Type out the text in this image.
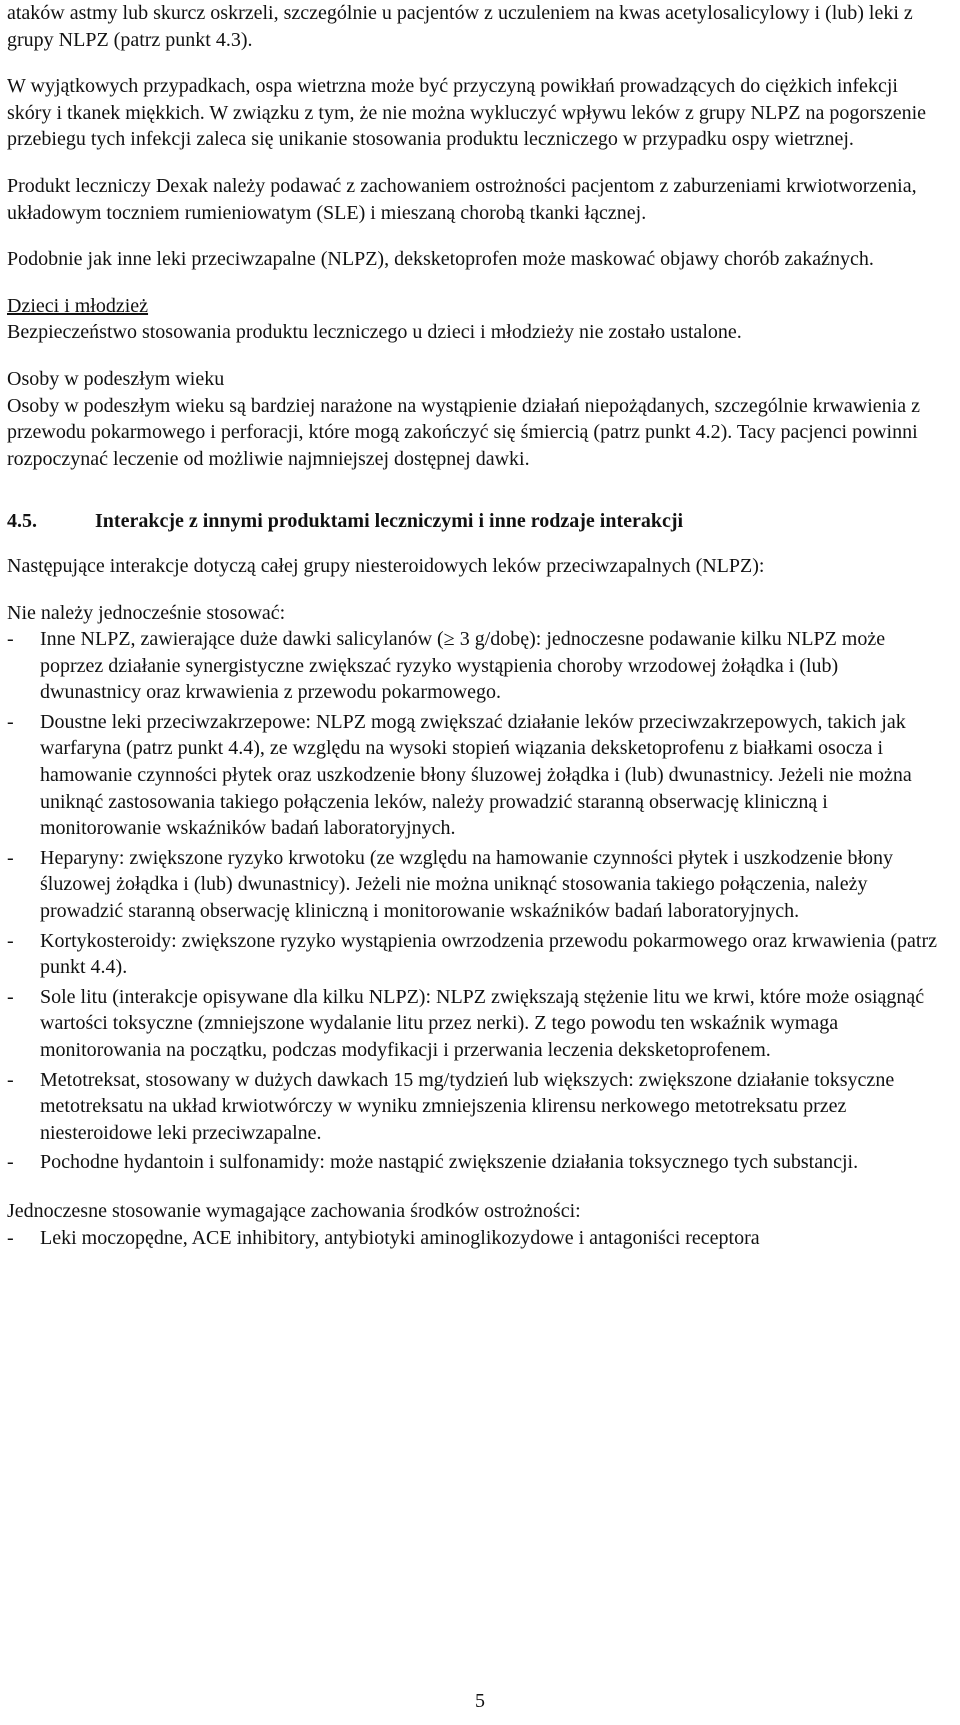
ataków astmy lub skurcz oskrzeli, szczególnie u pacjentów z uczuleniem na kwas acetylosalicylowy i (lub) leki z grupy NLPZ (patrz punkt 4.3).

W wyjątkowych przypadkach, ospa wietrzna może być przyczyną powikłań prowadzących do ciężkich infekcji skóry i tkanek miękkich. W związku z tym, że nie można wykluczyć wpływu leków z grupy NLPZ na pogorszenie przebiegu tych infekcji zaleca się unikanie stosowania produktu leczniczego w przypadku ospy wietrznej.

Produkt leczniczy Dexak należy podawać z zachowaniem ostrożności pacjentom z zaburzeniami krwiotworzenia, układowym toczniem rumieniowatym (SLE) i mieszaną chorobą tkanki łącznej.

Podobnie jak inne leki przeciwzapalne (NLPZ), deksketoprofen może maskować objawy chorób zakaźnych.

Dzieci i młodzież

Bezpieczeństwo stosowania produktu leczniczego u dzieci i młodzieży nie zostało ustalone.

Osoby w podeszłym wieku

Osoby w podeszłym wieku są bardziej narażone na wystąpienie działań niepożądanych, szczególnie krwawienia z przewodu pokarmowego i perforacji, które mogą zakończyć się śmiercią (patrz punkt 4.2). Tacy pacjenci powinni rozpoczynać leczenie od możliwie najmniejszej dostępnej dawki.

4.5.	Interakcje z innymi produktami leczniczymi i inne rodzaje interakcji

Następujące interakcje dotyczą całej grupy niesteroidowych leków przeciwzapalnych (NLPZ):

Nie należy jednocześnie stosować:

-	Inne NLPZ, zawierające duże dawki salicylanów (≥ 3 g/dobę): jednoczesne podawanie kilku NLPZ może poprzez działanie synergistyczne zwiększać ryzyko wystąpienia choroby wrzodowej żołądka i (lub) dwunastnicy oraz krwawienia z przewodu pokarmowego.
-	Doustne leki przeciwzakrzepowe: NLPZ mogą zwiększać działanie leków przeciwzakrzepowych, takich jak warfaryna (patrz punkt 4.4), ze względu na wysoki stopień wiązania deksketoprofenu z białkami osocza i hamowanie czynności płytek oraz uszkodzenie błony śluzowej żołądka i (lub) dwunastnicy. Jeżeli nie można uniknąć zastosowania takiego połączenia leków, należy prowadzić staranną obserwację kliniczną i monitorowanie wskaźników badań laboratoryjnych.
-	Heparyny: zwiększone ryzyko krwotoku (ze względu na hamowanie czynności płytek i uszkodzenie błony śluzowej żołądka i (lub) dwunastnicy). Jeżeli nie można uniknąć stosowania takiego połączenia, należy prowadzić staranną obserwację kliniczną i monitorowanie wskaźników badań laboratoryjnych.
-	Kortykosteroidy: zwiększone ryzyko wystąpienia owrzodzenia przewodu pokarmowego oraz krwawienia (patrz punkt 4.4).
-	Sole litu (interakcje opisywane dla kilku NLPZ): NLPZ zwiększają stężenie litu we krwi, które może osiągnąć wartości toksyczne (zmniejszone wydalanie litu przez nerki). Z tego powodu ten wskaźnik wymaga monitorowania na początku, podczas modyfikacji i przerwania leczenia deksketoprofenem.
-	Metotreksat, stosowany w dużych dawkach 15 mg/tydzień lub większych: zwiększone działanie toksyczne metotreksatu na układ krwiotwórczy w wyniku zmniejszenia klirensu nerkowego metotreksatu przez niesteroidowe leki przeciwzapalne.
-	Pochodne hydantoin i sulfonamidy: może nastąpić zwiększenie działania toksycznego tych substancji.

Jednoczesne stosowanie wymagające zachowania środków ostrożności:

-	Leki moczopędne, ACE inhibitory, antybiotyki aminoglikozydowe i antagoniści receptora
5
